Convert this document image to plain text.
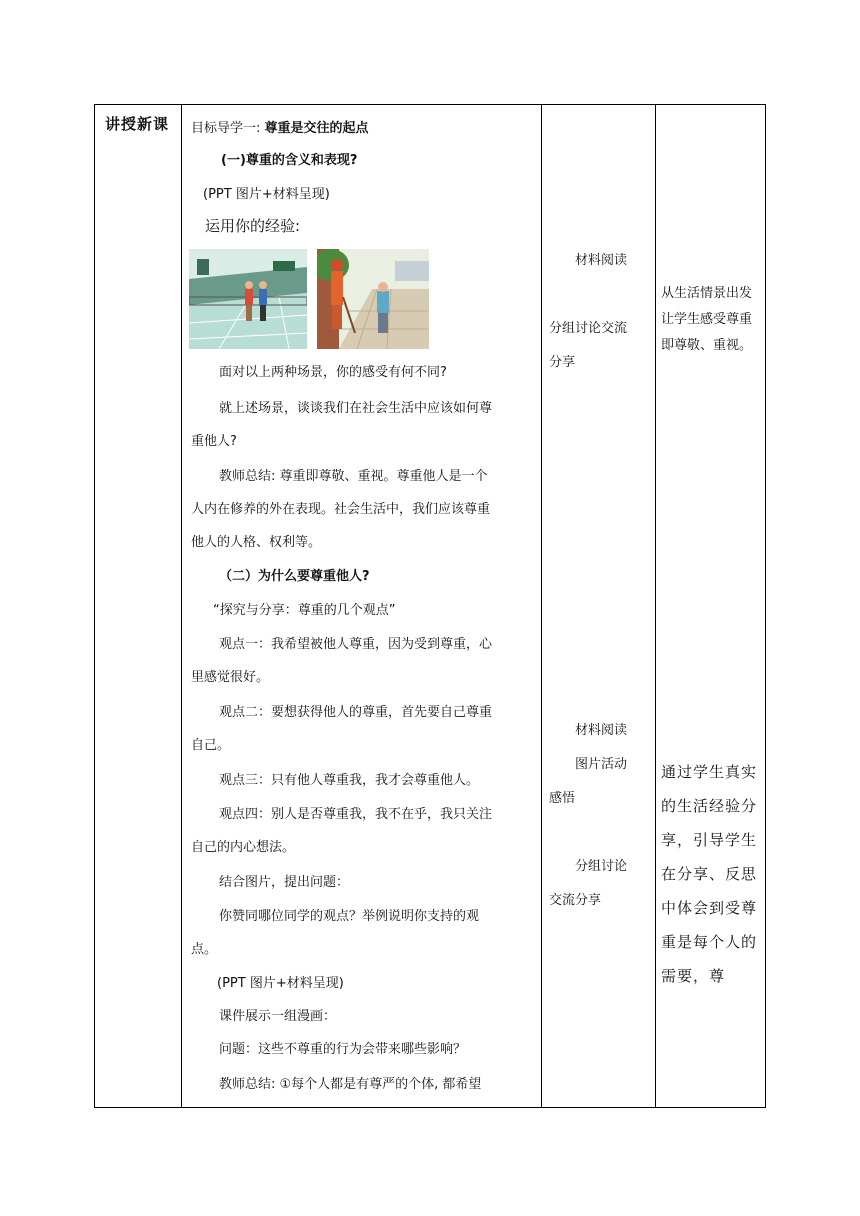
讲授新课 目标导学一: 尊重是交往的起点
(一)尊重的含义和表现?
(PPT 图片+材料呈现)
运用你的经验:
面对以上两种场景，你的感受有何不同?
就上述场景，谈谈我们在社会生活中应该如何尊
重他人?
教师总结: 尊重即尊敬、重视。尊重他人是一个
人内在修养的外在表现。社会生活中，我们应该尊重
他人的人格、权利等。
（二）为什么要尊重他人?
“探究与分享：尊重的几个观点”
观点一：我希望被他人尊重，因为受到尊重，心
里感觉很好。
观点二：要想获得他人的尊重，首先要自己尊重
自己。
观点三：只有他人尊重我，我才会尊重他人。
观点四：别人是否尊重我，我不在乎，我只关注
自己的内心想法。
结合图片，提出问题：
你赞同哪位同学的观点？举例说明你支持的观
点。
(PPT 图片+材料呈现)
课件展示一组漫画：
问题：这些不尊重的行为会带来哪些影响？
教师总结: ①每个人都是有尊严的个体, 都希望
材料阅读
分组讨论交流
分享
材料阅读
图片活动
感悟
分组讨论
交流分享
从生活情景出发让学生感受尊重即尊敬、重视。
通过学生真实的生活经验分享，引导学生在分享、反思中体会到受尊重是每个人的需要，尊
